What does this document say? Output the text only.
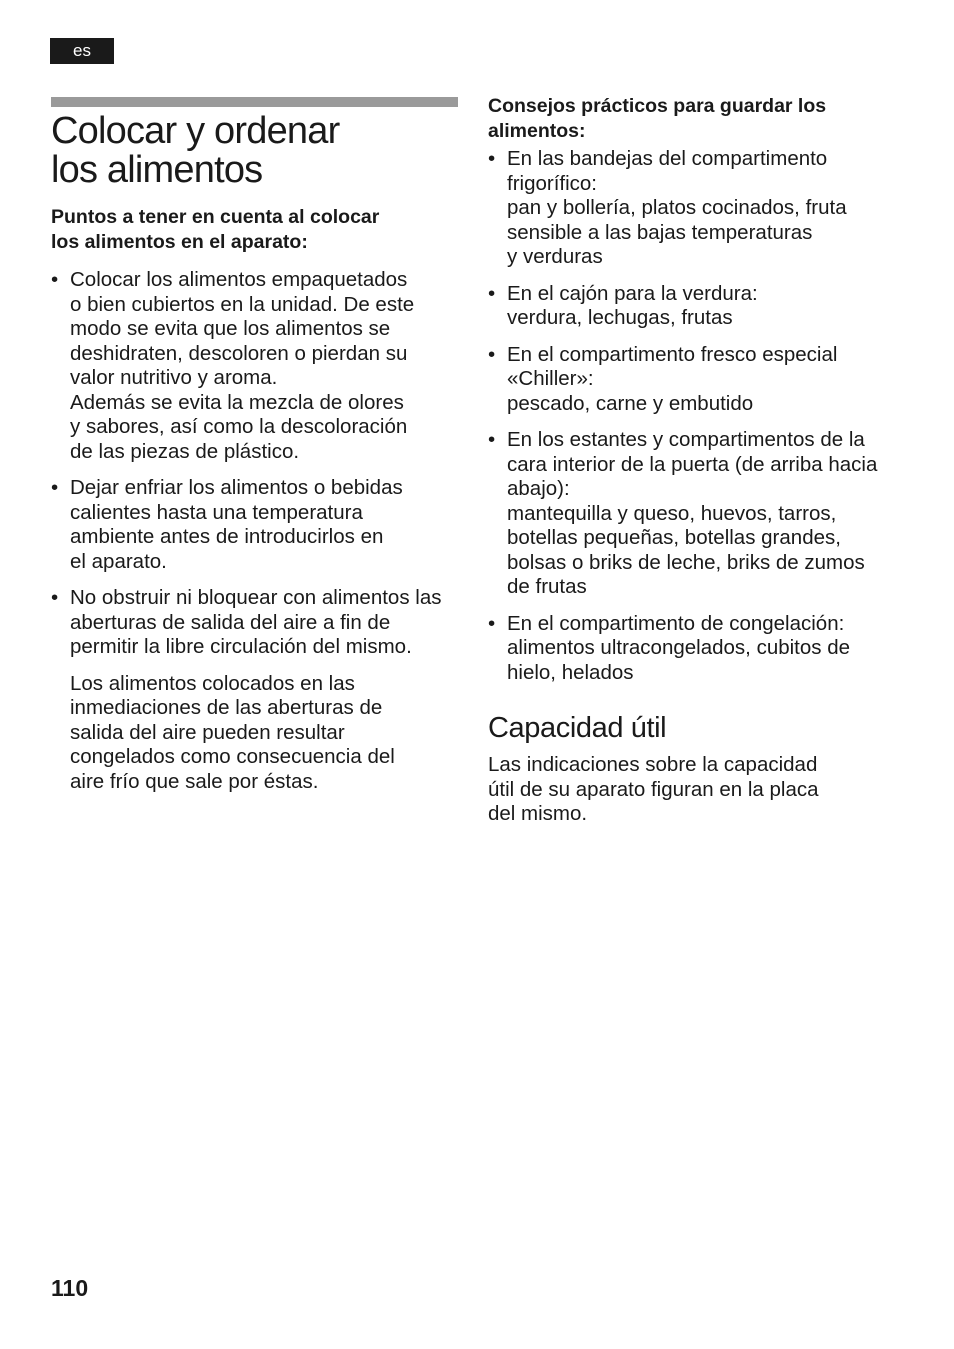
es
Colocar y ordenar
los alimentos

Puntos a tener en cuenta al colocar
los alimentos en el aparato:

• Colocar los alimentos empaquetados
o bien cubiertos en la unidad. De este
modo se evita que los alimentos se
deshidraten, descoloren o pierdan su
valor nutritivo y aroma.
Además se evita la mezcla de olores
y sabores, así como la descoloración
de las piezas de plástico.
• Dejar enfriar los alimentos o bebidas
calientes hasta una temperatura
ambiente antes de introducirlos en
el aparato.
• No obstruir ni bloquear con alimentos las
aberturas de salida del aire a fin de
permitir la libre circulación del mismo.

Los alimentos colocados en las
inmediaciones de las aberturas de
salida del aire pueden resultar
congelados como consecuencia del
aire frío que sale por éstas.

Consejos prácticos para guardar los
alimentos:

• En las bandejas del compartimento
frigorífico:
pan y bollería, platos cocinados, fruta
sensible a las bajas temperaturas
y verduras
• En el cajón para la verdura:
verdura, lechugas, frutas
• En el compartimento fresco especial
«Chiller»:
pescado, carne y embutido
• En los estantes y compartimentos de la
cara interior de la puerta (de arriba hacia
abajo):
mantequilla y queso, huevos, tarros,
botellas pequeñas, botellas grandes,
bolsas o briks de leche, briks de zumos
de frutas
• En el compartimento de congelación:
alimentos ultracongelados, cubitos de
hielo, helados
Capacidad útil

Las indicaciones sobre la capacidad
útil de su aparato figuran en la placa
del mismo.

110
